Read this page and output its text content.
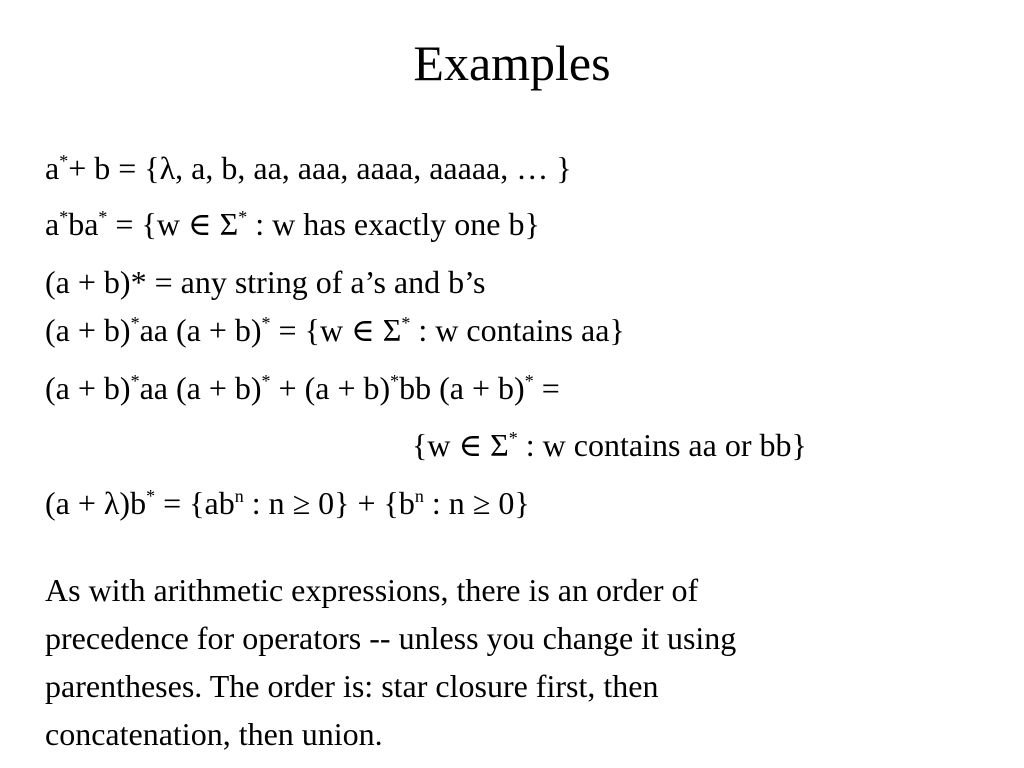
Examples
a*+ b = {λ, a, b, aa, aaa, aaaa, aaaaa, … }
a*ba* = {w ∈ Σ* : w has exactly one b}
(a + b)* = any string of a’s and b’s
(a + b)*aa (a + b)* = {w ∈ Σ* : w contains aa}
(a + b)*aa (a + b)* + (a + b)*bb (a + b)* =
{w ∈ Σ* : w contains aa or bb}
$(a + \lambda)b^* = \{ab^n$ : $n \ge 0\} + \{b^n$ : n ≥ 0}
As with arithmetic expressions, there is an order of
precedence for operators -- unless you change it using
parentheses. The order is: star closure first, then
concatenation, then union.
